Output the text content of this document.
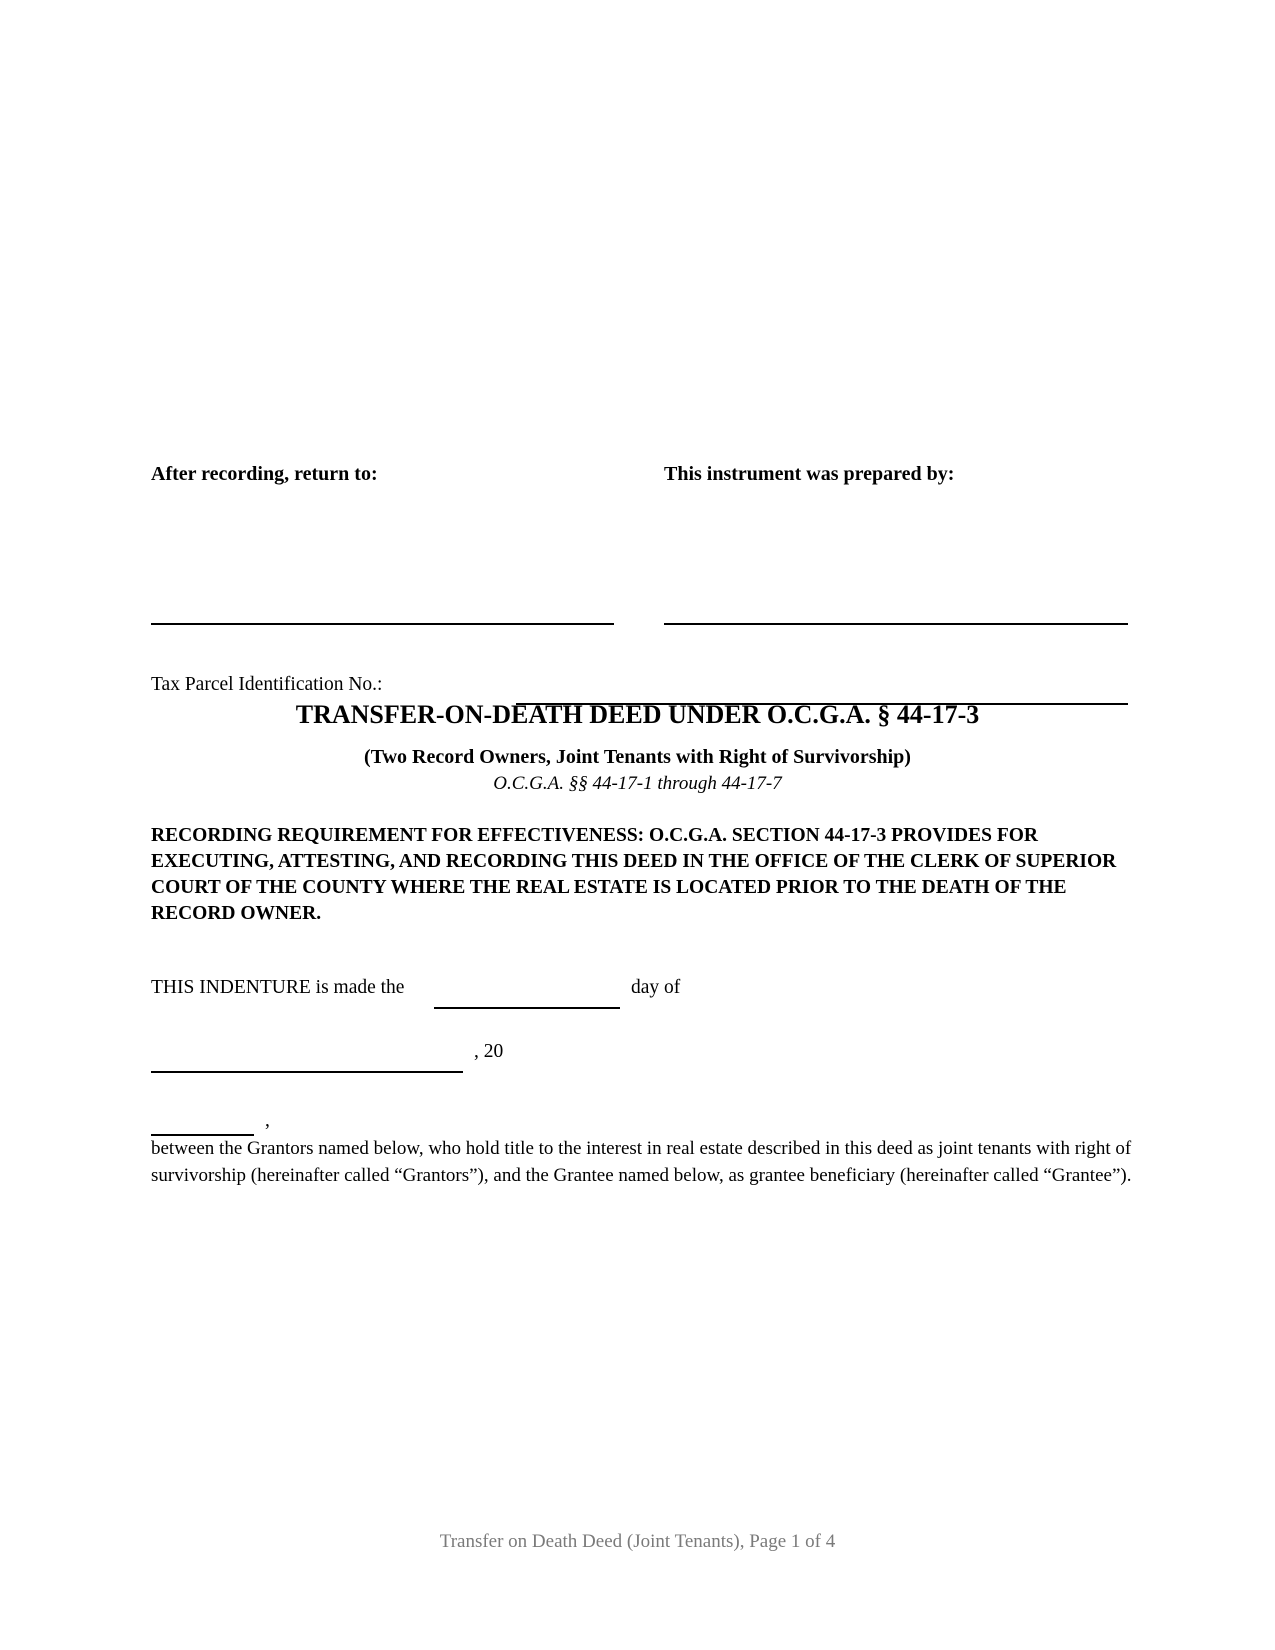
After recording, return to:	This instrument was prepared by:
Tax Parcel Identification No.:
TRANSFER-ON-DEATH DEED UNDER O.C.G.A. § 44-17-3
(Two Record Owners, Joint Tenants with Right of Survivorship)
O.C.G.A. §§ 44-17-1 through 44-17-7
RECORDING REQUIREMENT FOR EFFECTIVENESS: O.C.G.A. SECTION 44-17-3 PROVIDES FOR EXECUTING, ATTESTING, AND RECORDING THIS DEED IN THE OFFICE OF THE CLERK OF SUPERIOR COURT OF THE COUNTY WHERE THE REAL ESTATE IS LOCATED PRIOR TO THE DEATH OF THE RECORD OWNER.
THIS INDENTURE is made the	day of
, 20
,
between the Grantors named below, who hold title to the interest in real estate described in this deed as joint tenants with right of survivorship (hereinafter called “Grantors”), and the Grantee named below, as grantee beneficiary (hereinafter called “Grantee”).
Transfer on Death Deed (Joint Tenants), Page 1 of 4
